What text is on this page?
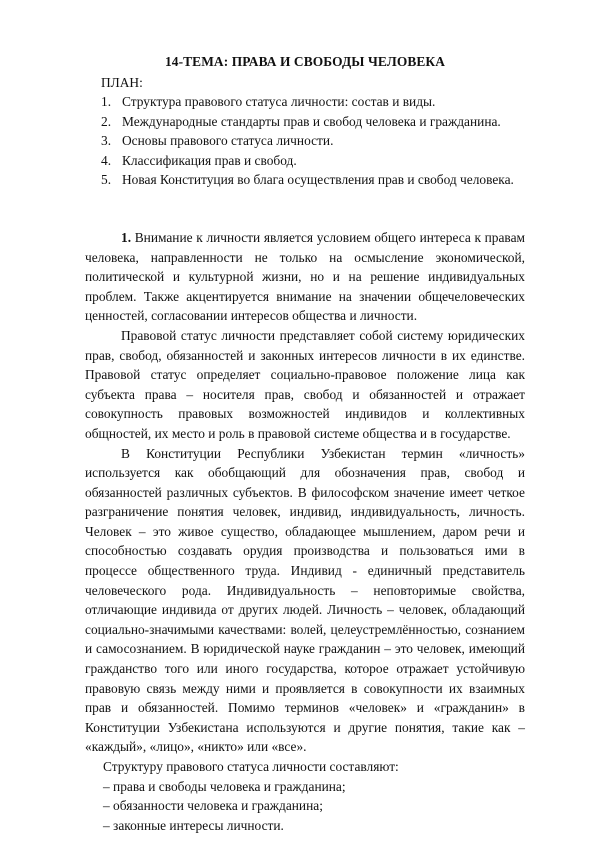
14-ТЕМА: ПРАВА И СВОБОДЫ ЧЕЛОВЕКА
ПЛАН:
1. Структура правового статуса личности: состав и виды.
2. Международные стандарты прав и свобод человека и гражданина.
3. Основы правового статуса личности.
4. Классификация прав и свобод.
5. Новая Конституция во блага осуществления прав и свобод человека.

1. Внимание к личности является условием общего интереса к правам человека, направленности не только на осмысление экономической, политической и культурной жизни, но и на решение индивидуальных проблем. Также акцентируется внимание на значении общечеловеческих ценностей, согласовании интересов общества и личности.

Правовой статус личности представляет собой систему юридических прав, свобод, обязанностей и законных интересов личности в их единстве. Правовой статус определяет социально-правовое положение лица как субъекта права – носителя прав, свобод и обязанностей и отражает совокупность правовых возможностей индивидов и коллективных общностей, их место и роль в правовой системе общества и в государстве.

В Конституции Республики Узбекистан термин «личность» используется как обобщающий для обозначения прав, свобод и обязанностей различных субъектов. В философском значение имеет четкое разграничение понятия человек, индивид, индивидуальность, личность. Человек – это живое существо, обладающее мышлением, даром речи и способностью создавать орудия производства и пользоваться ими в процессе общественного труда. Индивид - единичный представитель человеческого рода. Индивидуальность – неповторимые свойства, отличающие индивида от других людей. Личность – человек, обладающий социально-значимыми качествами: волей, целеустремлённостью, сознанием и самосознанием. В юридической науке гражданин – это человек, имеющий гражданство того или иного государства, которое отражает устойчивую правовую связь между ними и проявляется в совокупности их взаимных прав и обязанностей. Помимо терминов «человек» и «гражданин» в Конституции Узбекистана используются и другие понятия, такие как – «каждый», «лицо», «никто» или «все».

Структуру правового статуса личности составляют:
– права и свободы человека и гражданина;
– обязанности человека и гражданина;
– законные интересы личности.
